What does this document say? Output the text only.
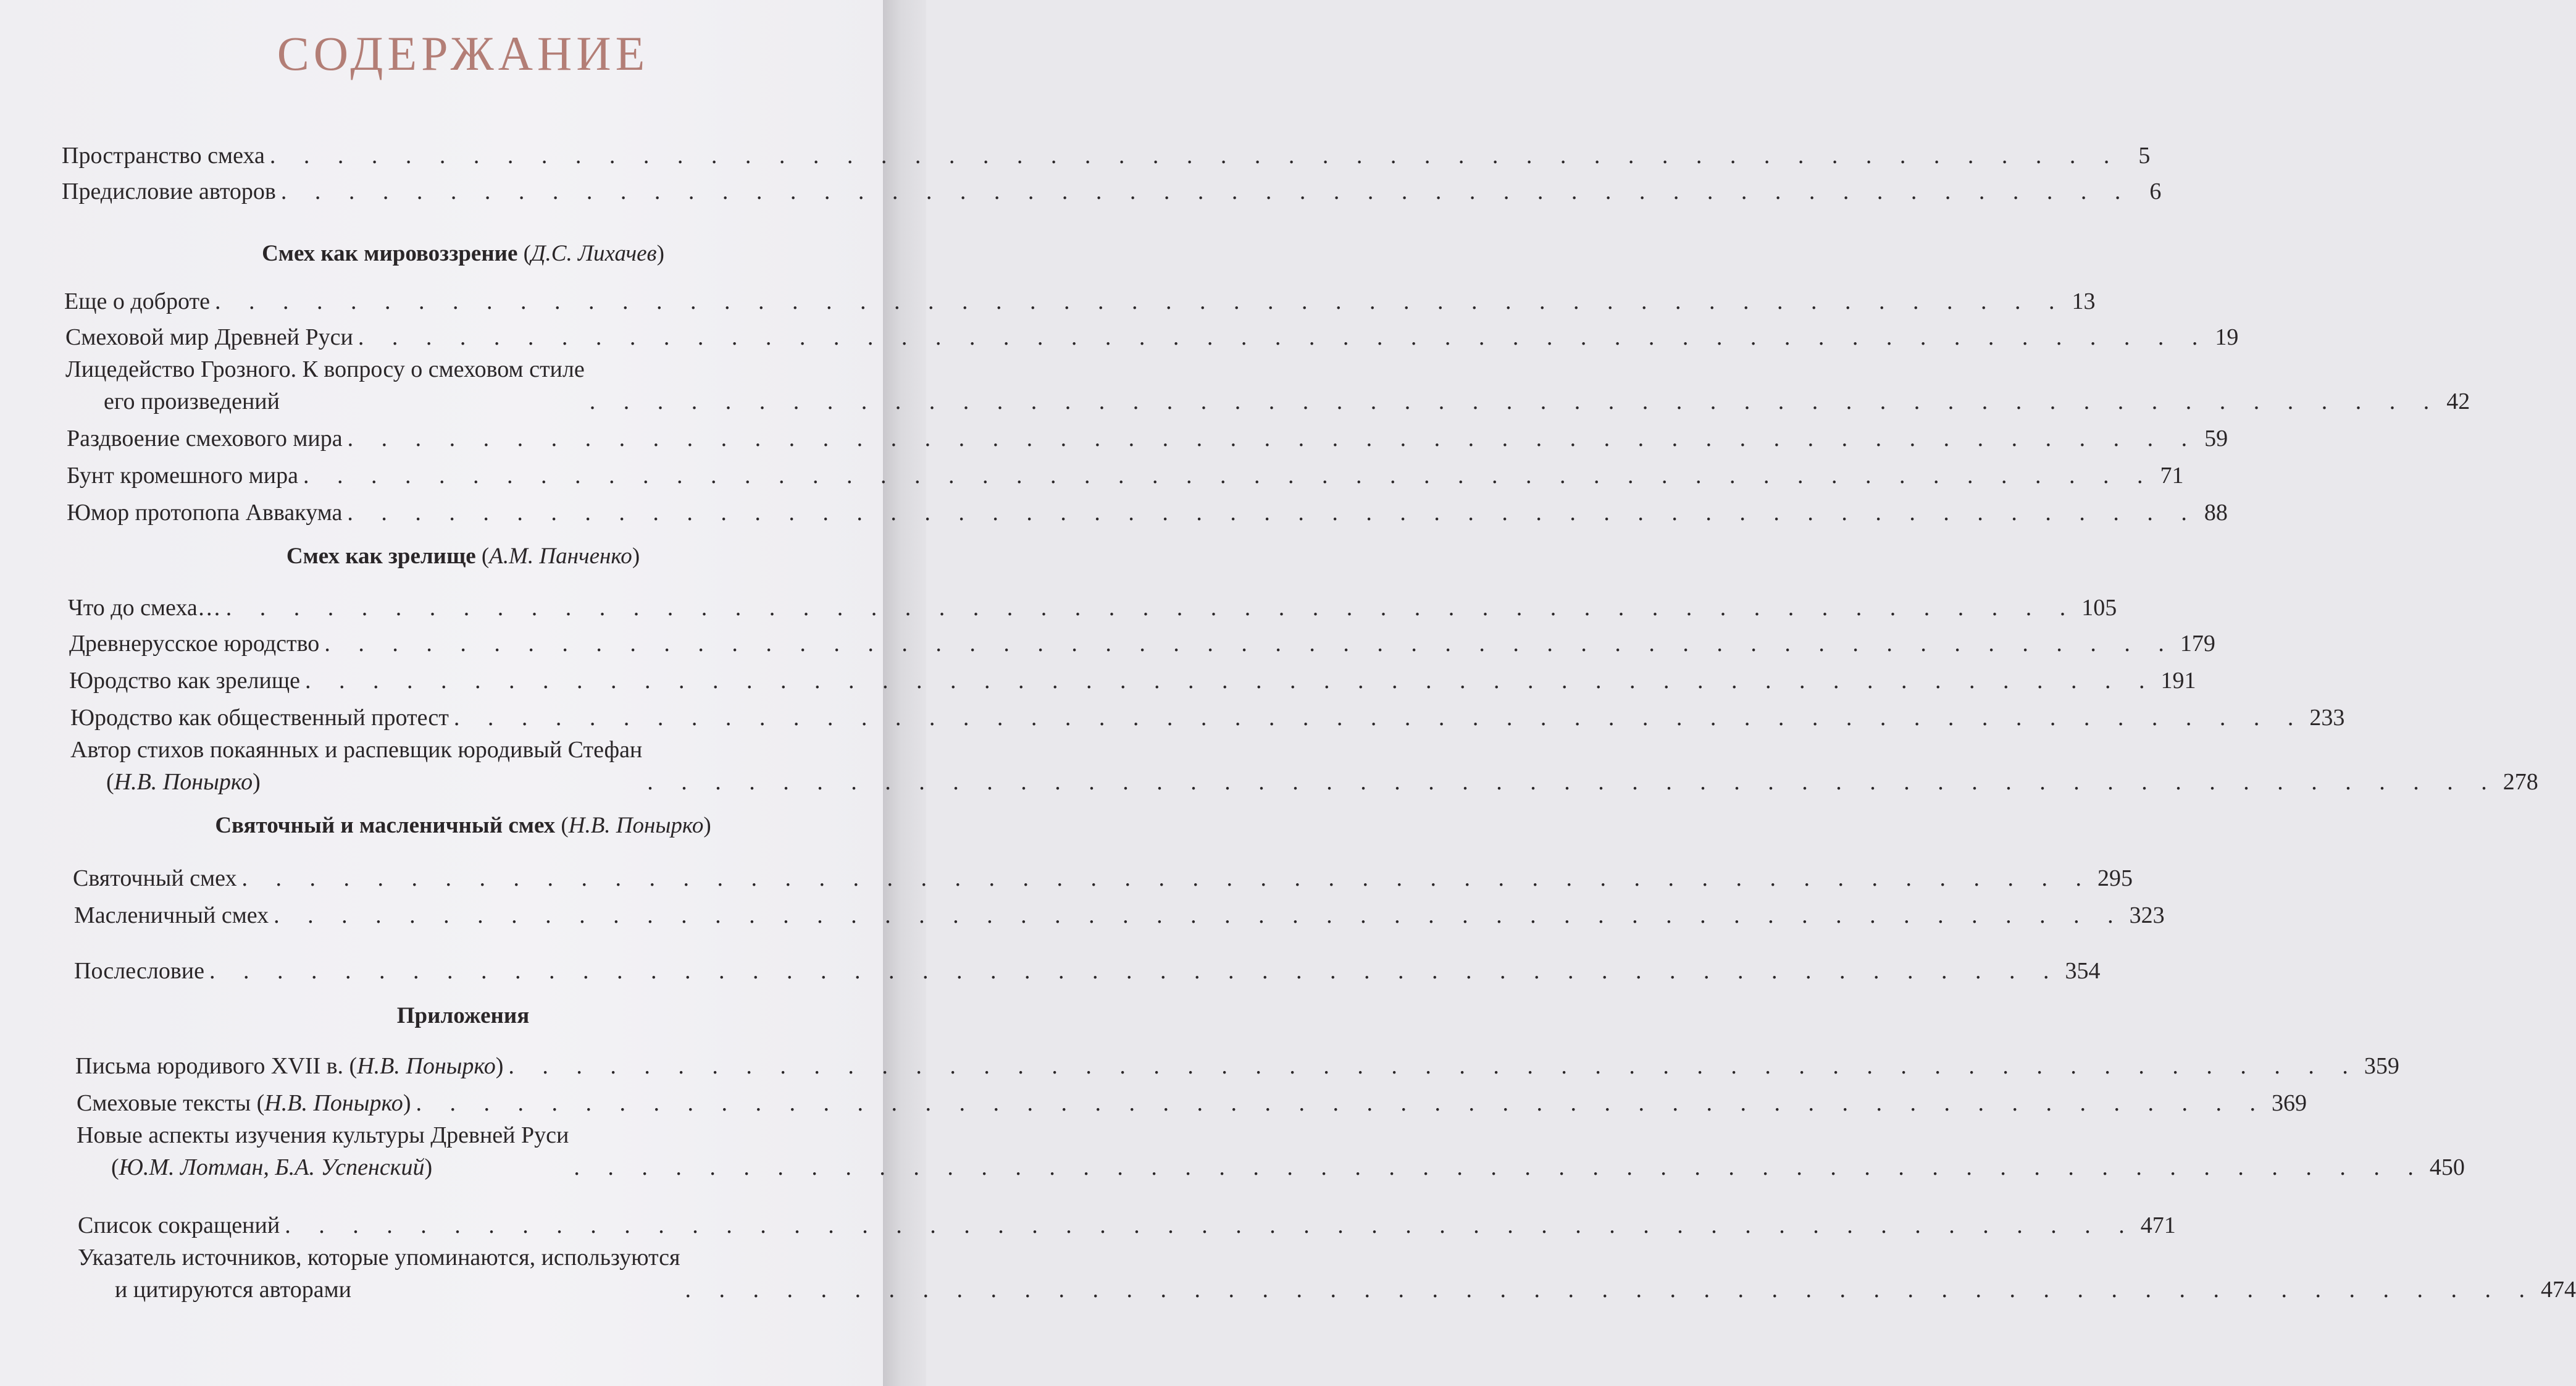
СОДЕРЖАНИЕ
Пространство смеха . . . . . . . . . . . . . . . . . . . . . . . . . . . . . . . . . . . . . . . . . . . . . . . . . . . . . . . 5
Предисловие авторов . . . . . . . . . . . . . . . . . . . . . . . . . . . . . . . . . . . . . . . . . . . . . . . . . . . . . . . 6
Смех как мировоззрение (Д.С. Лихачев)
Еще о доброте . . . . . . . . . . . . . . . . . . . . . . . . . . . . . . . . . . . . . . . . . . . . . . . . . . . . . . . 13
Смеховой мир Древней Руси . . . . . . . . . . . . . . . . . . . . . . . . . . . . . . . . . . . . . . . . . . . . . . . . . . . . . . . 19
Лицедейство Грозного. К вопросу о смеховом стиле
его произведений	. . . . . . . . . . . . . . . . . . . . . . . . . . . . . . . . . . . . . . . . . . . . . . . . . . . . . . . 42
Раздвоение смехового мира . . . . . . . . . . . . . . . . . . . . . . . . . . . . . . . . . . . . . . . . . . . . . . . . . . . . . . . 59
Бунт кромешного мира . . . . . . . . . . . . . . . . . . . . . . . . . . . . . . . . . . . . . . . . . . . . . . . . . . . . . . . 71
Юмор протопопа Аввакума . . . . . . . . . . . . . . . . . . . . . . . . . . . . . . . . . . . . . . . . . . . . . . . . . . . . . . . 88
Смех как зрелище (А.М. Панченко)
Что до смеха… . . . . . . . . . . . . . . . . . . . . . . . . . . . . . . . . . . . . . . . . . . . . . . . . . . . . . . . 105
Древнерусское юродство . . . . . . . . . . . . . . . . . . . . . . . . . . . . . . . . . . . . . . . . . . . . . . . . . . . . . . . 179
Юродство как зрелище . . . . . . . . . . . . . . . . . . . . . . . . . . . . . . . . . . . . . . . . . . . . . . . . . . . . . . . 191
Юродство как общественный протест . . . . . . . . . . . . . . . . . . . . . . . . . . . . . . . . . . . . . . . . . . . . . . . . . . . . . . . 233
Автор стихов покаянных и распевщик юродивый Стефан
(Н.В. Понырко)	. . . . . . . . . . . . . . . . . . . . . . . . . . . . . . . . . . . . . . . . . . . . . . . . . . . . . . . 278
Святочный и масленичный смех (Н.В. Понырко)
Святочный смех . . . . . . . . . . . . . . . . . . . . . . . . . . . . . . . . . . . . . . . . . . . . . . . . . . . . . . . 295
Масленичный смех . . . . . . . . . . . . . . . . . . . . . . . . . . . . . . . . . . . . . . . . . . . . . . . . . . . . . . . 323
Послесловие . . . . . . . . . . . . . . . . . . . . . . . . . . . . . . . . . . . . . . . . . . . . . . . . . . . . . . . 354
Приложения
Письма юродивого XVII в. (Н.В. Понырко) . . . . . . . . . . . . . . . . . . . . . . . . . . . . . . . . . . . . . . . . . . . . . . . . . . . . . . . 359
Смеховые тексты (Н.В. Понырко) . . . . . . . . . . . . . . . . . . . . . . . . . . . . . . . . . . . . . . . . . . . . . . . . . . . . . . . 369
Новые аспекты изучения культуры Древней Руси
(Ю.М. Лотман, Б.А. Успенский)	. . . . . . . . . . . . . . . . . . . . . . . . . . . . . . . . . . . . . . . . . . . . . . . . . . . . . . . 450
Список сокращений . . . . . . . . . . . . . . . . . . . . . . . . . . . . . . . . . . . . . . . . . . . . . . . . . . . . . . . 471
Указатель источников, которые упоминаются, используются
и цитируются авторами	. . . . . . . . . . . . . . . . . . . . . . . . . . . . . . . . . . . . . . . . . . . . . . . . . . . . . . . 474
